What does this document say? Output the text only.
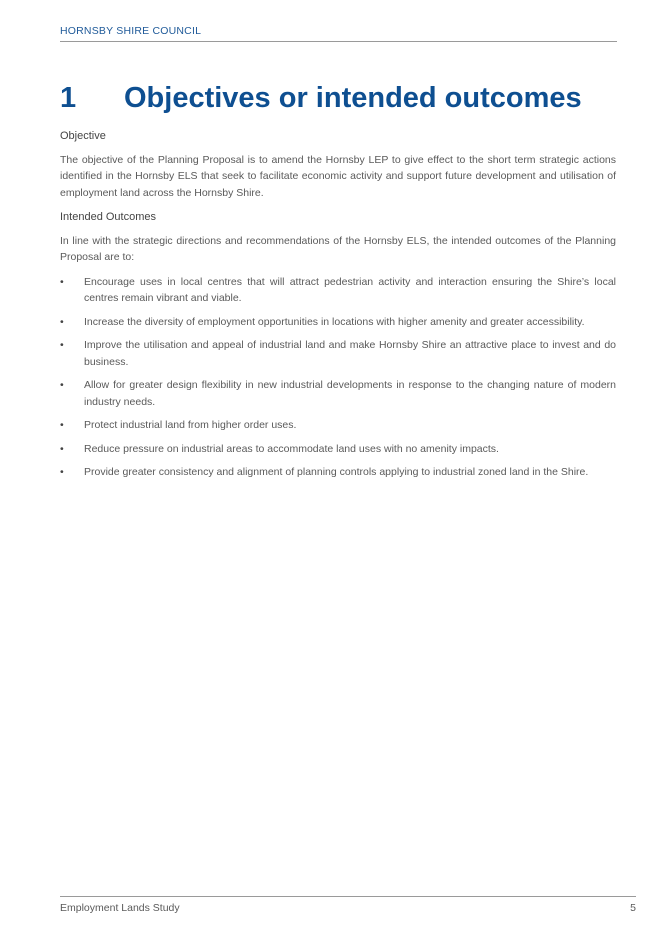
HORNSBY SHIRE COUNCIL
1 Objectives or intended outcomes

Objective

The objective of the Planning Proposal is to amend the Hornsby LEP to give effect to the short term strategic actions identified in the Hornsby ELS that seek to facilitate economic activity and support future development and utilisation of employment land across the Hornsby Shire.

Intended Outcomes

In line with the strategic directions and recommendations of the Hornsby ELS, the intended outcomes of the Planning Proposal are to:

•	Encourage uses in local centres that will attract pedestrian activity and interaction ensuring the Shire’s local centres remain vibrant and viable.
•	Increase the diversity of employment opportunities in locations with higher amenity and greater accessibility.
•	Improve the utilisation and appeal of industrial land and make Hornsby Shire an attractive place to invest and do business.
•	Allow for greater design flexibility in new industrial developments in response to the changing nature of modern industry needs.
•	Protect industrial land from higher order uses.
•	Reduce pressure on industrial areas to accommodate land uses with no amenity impacts.
•	Provide greater consistency and alignment of planning controls applying to industrial zoned land in the Shire.
Employment Lands Study	5
